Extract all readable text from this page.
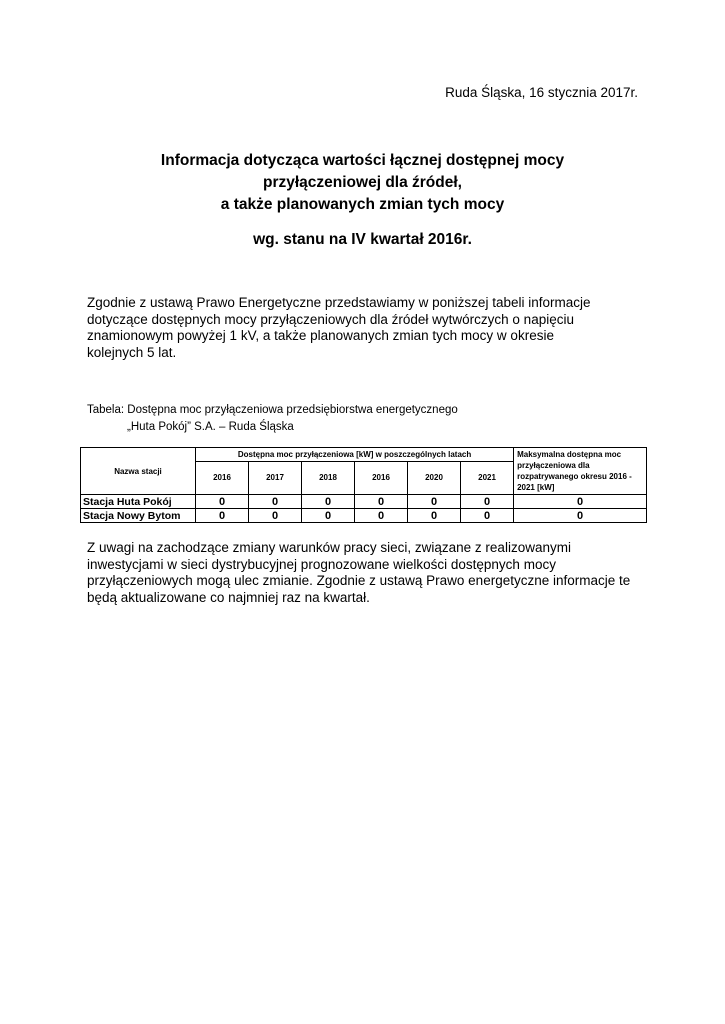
Ruda Śląska, 16 stycznia 2017r.
Informacja dotycząca wartości łącznej dostępnej mocy
przyłączeniowej dla źródeł,
a także planowanych zmian tych mocy
wg. stanu na IV kwartał 2016r.
Zgodnie z ustawą Prawo Energetyczne przedstawiamy w poniższej tabeli informacje
dotyczące dostępnych mocy przyłączeniowych dla źródeł wytwórczych o napięciu
znamionowym powyżej 1 kV, a także planowanych zmian tych mocy w okresie
kolejnych 5 lat.
Tabela: Dostępna moc przyłączeniowa przedsiębiorstwa energetycznego
„Huta Pokój” S.A. – Ruda Śląska
Nazwa stacji	Dostępna moc przyłączeniowa [kW] w poszczególnych latach						Maksymalna dostępna moc przyłączeniowa dla rozpatrywanego okresu 2016 - 2021 [kW]
	2016	2017	2018	2016	2020	2021	
Stacja Huta Pokój	0	0	0	0	0	0	0
Stacja Nowy Bytom	0	0	0	0	0	0	0
Z uwagi na zachodzące zmiany warunków pracy sieci, związane z realizowanymi
inwestycjami w sieci dystrybucyjnej prognozowane wielkości dostępnych mocy
przyłączeniowych mogą ulec zmianie. Zgodnie z ustawą Prawo energetyczne informacje te
będą aktualizowane co najmniej raz na kwartał.
